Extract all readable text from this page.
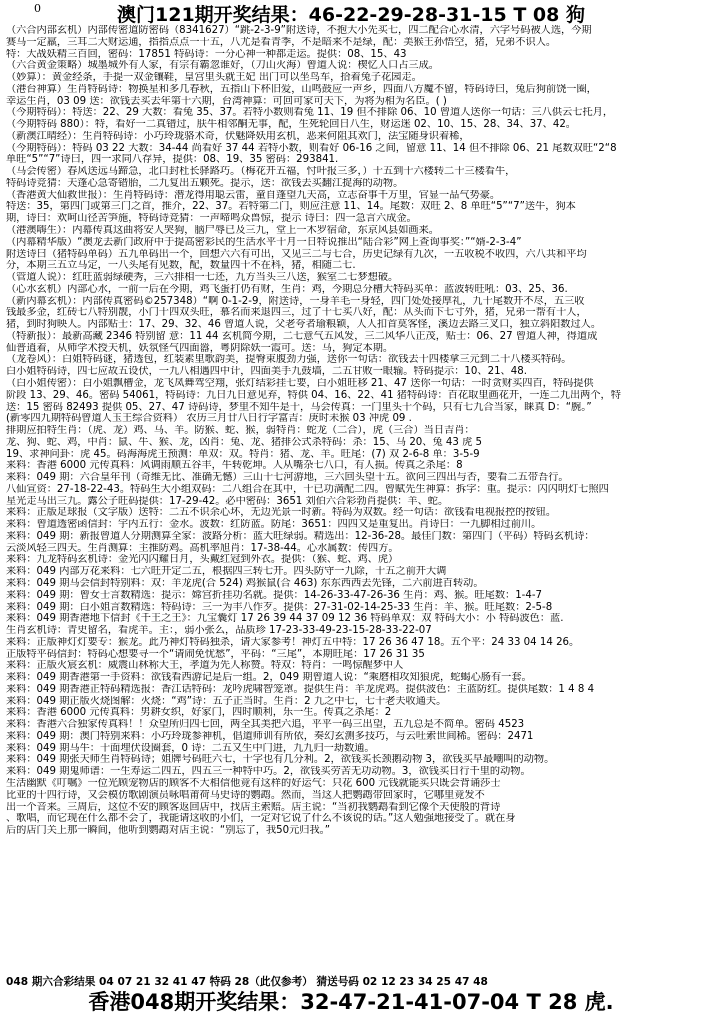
0	澳门121期开奖结果：46-22-29-28-31-15 T 08 狗
（六合内部玄机）内部传密道防密码（8341627）“跳-2-3-9”附送诗，不抱大小先买七，四二配合心水清，六字号码被人选，今期
赛马一定羸，三耳二大财运通，指指点点一十五，八尤是看青季，不是暗来不是绿，配：美猴王孙悟空，猪，兄弟不识人。
特：大战妖精三百回，密码：17851 特码诗：一分心神一种都走运。提供：08、15、43
（六合黄金策略）城墨城外有人家，有宗有霸忽谁好，（刀山火海）曾道人说：楔忆人口占三成。
（妙算）：黄金经条，手提一双金镶鞋，皇宫里头就王妃 出门可以坐鸟车，拾着兔子花园走。
（港台神算）生肖特码诗：物换星和多几春秋，五指山下杯旧爱，山鸣鼓应一声乡，四面八方魔不留，特码诗曰，兔后狗前饶一圈，
幸运生肖，03 09 送：欲钱去买去年第十六期，台湾神算：可回可家可天下，为将为相为名臣。( )
（今期特码）：特送：22、29 大数：看兔 35、37。若特小数则看兔 11、19 但不排除 06、10 曾道人送你一句话：三八供云七托月，
（今期特码 880）：特，看好一二真错过，肤牛相邻酮无事，配，生死轮回日八生，财运迷 02、10、15、28、34、37、42。
（新澳江晴经）：生肖特码诗：小巧玲珑骆术奇，伏魅降妖用玄机，恶来何阻其欢门，法宝随身识着稀，
（今期特码）：特码 03 22 大数：34-44 尚看好 37 44 若特小数，则看好 06-16 之间，留意 11、14 但不排除 06、21 尾数双旺“2“8
单旺“5”“7”诗曰，四一求同八存异，提供：08、19、35 密码：293841.
（马会传密）春风送远马蹄急，北口封杜长驿路巧。（梅花开五福，忖叶报三多，）十五到十六楼转二十三楼看牛，
特码诗竞猜：天蓬心急寄错胎，二九复出五颗死。提示，送：欲钱去买翻江捉海的动物。
（香港黄大仙救世报）：生肖特码诗：潜龙得用聪云雷，童自蓬望九天高，立志奋事千万里，官显一品气势豪。
特送：35，第四门或第三门之首，推介，22、37。若特第二门，则应注意 11、14。尾数：双旺 2、8 单旺“5”“7”送牛，狗本
期，诗曰：欢呵山径苦笋施，特码诗竞猜：一声啼鸣众兽惊，提示 诗曰：四一急言六成金。
（港澳嗨生）：内幕传真这曲将安人哭狗，脑尸辱已及三九，堂上一木罗宿命，东京风县如画来。
（内幕精华版）“澳龙去新门政府中于提高密彩民的生活水平十月一日特说推出“陆合彩”网上查询事奖：”“婿-2-3-4”
附送诗曰（猪特码单码）五九单码出一个，回想六六有可出，又见三二与七合，历史记绿有九次，一五收税不收四，六八共和平均
分，本期三五立马定，一八头尾有见数，配，数量四十不在科，猪，相随二七.
（管道人说）：红旺蓝弱绿硬秀，三六排相一七还，九方当头三八送，猴室二七梦想破。
（心水玄机）内部心水，一前一后在今期，鸡飞蛋打仍有财，生肖：鸡，今期总分槽大特码买单：蓝波转旺吼：03、25、36.
（新内幕玄机）：内部传真密码©257348）“啊 0-1-2-9，附送诗，一身羊毛一身轻，四门处处接厚礼，九十尾数开不尽，五三收
钱最多金，红砖七八特别靓，小门十四双头旺，慕名而来退四三，过了十七买八好，配：从头而下七寸外，猪，兄弟一帮有十人，
猪，到时狗映人。内部贴士：17、29、32、46 曾道人说，父老夸者瑜粮颖，人人扣首莫客怪，溪边去路三叉口，独立斜阳数过人。
（特新报）：最新高藏 2346 特别留 意：11 44 玄机简今期，二七意气五风发，三二风华八正茂，贴士：06、27 曾道人神，得道成
仙普逍着，从师学术授天机，妖氛怪气四面嚣，粤阴除妖一霞可。送：马，狗定本期。
（龙卷风）：白姐特码谜，猪透包，红装素里歌韵美，提臀束腹劲力强，送你一句话：欲钱去十四楼拿三元到二十八楼买特码。
白小姐特码诗，四七应故五设伏，一九八相遇四中计，四面美手九鼓墙，二五甘败一眼输。特码提示：10、21、48.
（白小姐传密）：白小姐飘槽金，龙飞凤舞驾空翔，张灯结彩挂七要，白小姐旺移 21、47 送你一句话：一时贪财买四百，特码提供
阶段 13、29、46。密码 54061，特码诗：九日九日意见弃，特供 04、16、22、41 猪特码诗：百花取里画花开，一连二九出两个，特
送：15 密码 82493 提供 05、27、47 诗码诗，梦里不知牛是十，马会传真：一门里头十个码，只有七九合当家，睐真 D：“腕。”
(新零四九期特码曾道人玉王综合资料） 农历三月廿八日行字富吉：庚时未猴 03 冲虎 09 .
排期应拍特生肖：（虎、龙）鸡、马、羊。防猴、蛇、猴，弱特肖：蛇龙（二合），虎（三合）当日吉肖：
龙、狗、蛇、鸡，中肖：鼠、牛、猴、龙，凶肖：兔、龙、猪排公式杀特码：杀：15、马 20、兔 43 虎 5
19、求神问卦：虎 45。码海海虎王预测：单双：双。特肖：猪、龙、羊。旺尾：(7) 双 2-6-8 单：3-5-9
来料：香港 6000 元传真料：风调雨顺五谷丰，牛转乾坤。人从嘴杂七八口，有人损。传真之杀尾：8
来料：049 期：六合皇年刊（奇维无比、准确无憾）三山十七河游地，三六回头望十五。欲问三四出与否，要看二五带吾行。
八仙宣资：27-18-22-43。特码生大小组双码：二八组合在其中，十已功满配二四。曾赋先生神算：拆字：重。提示：闪闪明灯七照四
星光走马出三九。露公子旺码提供：17-29-42。必中密码：3651 刘伯六合彩勃肖提供：羊、蛇。
来料：正版足球报（文字版）送特：二五不识余心坏，无边光景一时新。特码为双数。经一句话：欲钱看电视报控的按钮。
来料：曾道透密函信封：宇内五行：金水。波数：红防蓝。防尾：3651：四四又是重复出。肖诗曰：一九脚相过前川。
来料：049 期：新报曾道人分期测算全家：波路分析：蓝大旺绿弱。精选出：12-36-28。最佳门数：第四门（平码）特码玄机诗：
云淡风轻三四天。生肖测算：主推防鸡。高机率旭肖：17-38-44。心水属数：传四方。
来料：九龙特码玄机诗：金光闪闪耀日月，头戴红冠到外衣。提供：（猴、蛇、鸡、虎）
来料：049 内部万花来料：七六旺开定二五，根据四三转七开。四头防守一九除，十五之前开大调
来料：049 期马会信封特别料：双：羊龙虎(合 524) 鸡猴鼠(合 463) 东东西西去先锋，二六前进百转动。
来料：049 期：曾女士言数精选：提示：嫦宫折挂功名就。提供：14-26-33-47-26-36 生肖：鸡、猴。旺尾数：1-4-7
来料：049 期：白小姐言数精选：特码诗：三一为丰八作歹。提供：27-31-02-14-25-33 生肖：羊、猴。旺尾数：2-5-8
来料：049 期香港地下信封《千王之王》：九宝囊灯 17 26 39 44 37 09 12 36 特码单双：双 特码大小：小 特码波色：蓝.
生肖玄机诗：青史留名，看虎羊。主：，弱小张么，品质珍 17-23-33-49-23-15-28-33-22-07
来料：正版神灯灯要专：猴龙。此乃神灯特码独杀，请大家参考！神灯五中特：17 26 36 47 18。五个平：24 33 04 14 26。
正版特平码信封：特码心想要寻一个“请闹免忧愁”，平码：“三尾”，本期旺尾：17 26 31 35
来料：正版火宸玄机：威震山林称大王，孝道为先人称赞。特双：特肖：一鸣惊醒梦中人
来料：049 期香港第一手资料：欲钱看西游记是后一组。2，049 期曾道人说：“乘磨相攻知狼虎，蛇蝎心肠有一套。
来料：049 期香港正特码精选报：香江话特码：龙吟虎啸智笼罩。提供生肖：羊龙虎鸡。提供波色：主蓝防红。提供尾数：1 4 8 4
来料：049 期正版火烧图解：火烧：“鸡”诗：五子正当时。生肖：2 九之中七，七十老夫收通夫。
来料：香港 6000 元传真料：男耕女织，好家门，四时顺利，乐一生。传真之杀尾：2
来料：香港六合独家传真料！！众望所归四七回，两全其美把六追，平平一码三出望，五九总是不简单。密码 4523
来料：049 期：澳门特别来料：小巧玲珑参神机，倡道师训有所依，奏幻玄测多技巧，与云吐索世间稀。密码：2471
来料：049 期马牛：十面埋伏设圈套，0 诗：二五又生中门进，九九归一劫数通。
来料：049 期张天师生肖特码诗；姐牌号码旺六七，十字也有几分利。2，欲钱买长颈鹅动物 3，欲钱买早最嘲叫的动物。
来料：049 期鬼师谱：一生寿运二四五，四五三一种特中巧。2，欲钱买劳苦无功动物。3，欲钱买日行千里的动物。
生活幽默《叮嘱》一位光顾宠物店的顾客不大相信他竟有这样的好运气：只花 600 元钱就能买只既会背诵莎士
比亚的十四行诗，又会模仿歌剧演员咏唱莆荷马史诗的鹦鹉。然而，当这人把鹦鹉带回家时，它哪里竟发不
出一个音来。三周后，这位不安的顾客返回店中，找店主索赔。店主说：“当初我鹦鹉看到它像个天使般的背诗
、歌唱，而它现在什么都不会了，我能请这收的小们，一定对它说了什么不该说的话。”这人勉强地接受了。就在身
后的店门关上那一瞬间，他听到鹦鹉对店主说：“别忘了，我50元归我。”
048 期六合彩结果 04 07 21 32 41 47 特码 28（此仅参考） 猜送号码 02 12 23 34 25 47 48
香港048期开奖结果：32-47-21-41-07-04 T 28 虎.
